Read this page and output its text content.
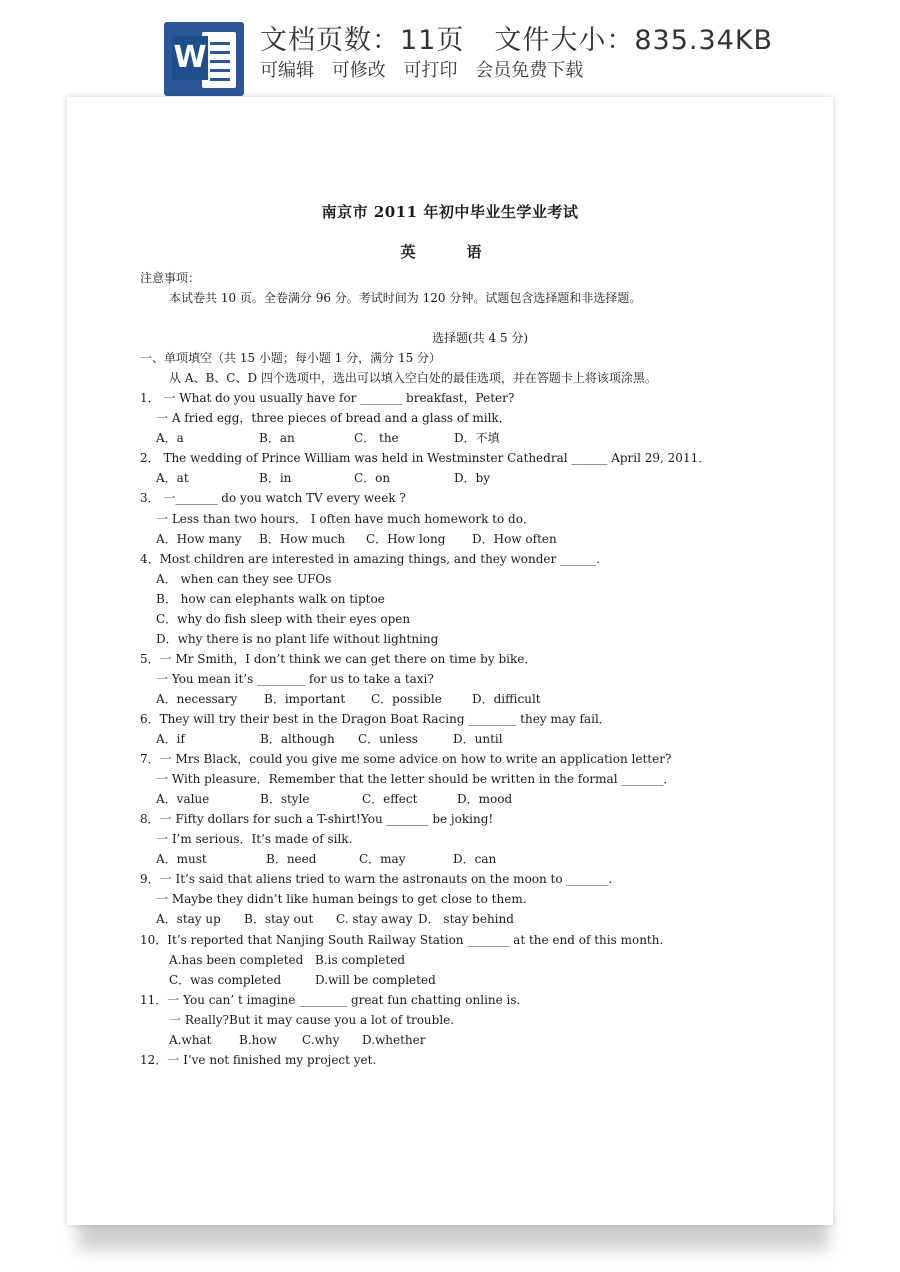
W 文档页数：11页 文件大小：835.34KB
可编辑 可修改 可打印 会员免费下载
南京市 2011 年初中毕业生学业考试
英　语
注意事项：
本试卷共 10 页。全卷满分 96 分。考试时间为 120 分钟。试题包含选择题和非选择题。
选择题(共 4 5 分)
一、单项填空（共 15 小题；每小题 1 分，满分 15 分）
从 A、B、C、D 四个选项中，选出可以填入空白处的最佳选项，并在答题卡上将该项涂黑。
1． 一 What do you usually have for _______ breakfast，Peter?
一 A fried egg，three pieces of bread and a glass of milk．
A．a	B．an	C． the	D．不填
2． The wedding of Prince William was held in Westminster Cathedral ______ April 29, 2011．
A．at	B．in	C．on	D．by
3． 一_______ do you watch TV every week ?
一 Less than two hours． I often have much homework to do．
A．How many	B．How much	C．How long	D．How often
4．Most children are interested in amazing things, and they wonder ______.
A． when can they see UFOs
B． how can elephants walk on tiptoe
C．why do fish sleep with their eyes open
D．why there is no plant life without lightning
5．一 Mr Smith，I don’t think we can get there on time by bike．
一 You mean it’s ________ for us to take a taxi?
A．necessary	B．important	C．possible	D．difficult
6．They will try their best in the Dragon Boat Racing ________ they may fail．
A．if	B．although	C．unless	D．until
7．一 Mrs Black，could you give me some advice on how to write an application letter?
一 With pleasure．Remember that the letter should be written in the formal _______．
A．value	B．style	C．effect	D．mood
8．一 Fifty dollars for such a T-shirt!You _______ be joking!
一 I’m serious．It’s made of silk.
A．must	B．need	C．may	D．can
9．一 It’s said that aliens tried to warn the astronauts on the moon to _______.
一 Maybe they didn’t like human beings to get close to them.
A．stay up	B．stay out	C. stay away D． stay behind
10．It’s reported that Nanjing South Railway Station _______ at the end of this month.
A.has been completed B.is completed
C．was completed	D.will be completed
11．一 You can’ t imagine ________ great fun chatting online is.
一 Really?But it may cause you a lot of trouble.
A.what	B.how	C.why	D.whether
12．一 I’ve not finished my project yet.
